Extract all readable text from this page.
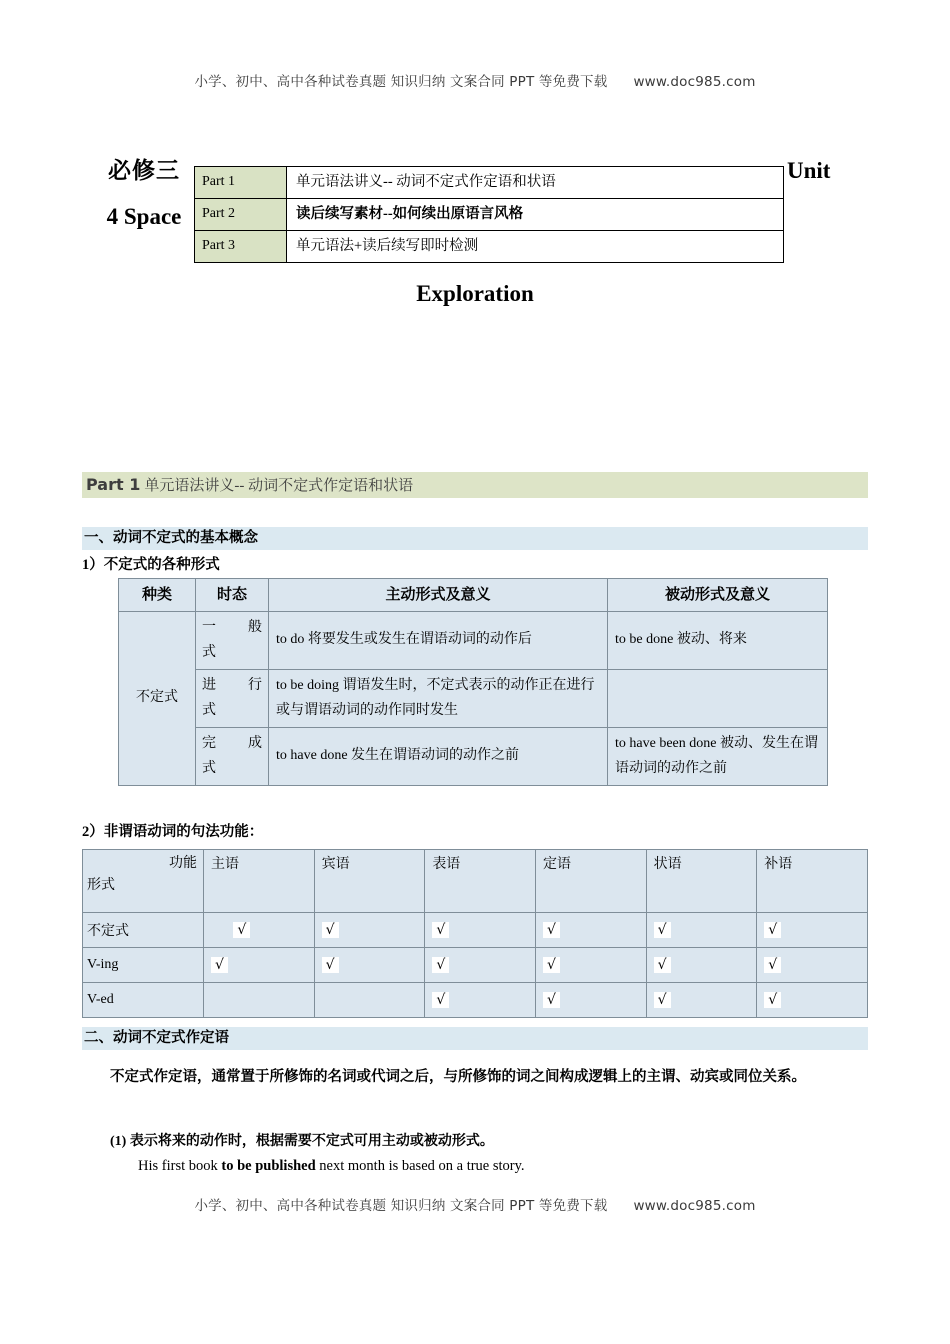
小学、初中、高中各种试卷真题 知识归纳 文案合同 PPT 等免费下载 www.doc985.com
必修三
4 Space
Part 1	单元语法讲义-- 动词不定式作定语和状语
Part 2	读后续写素材--如何续出原语言风格
Part 3	单元语法+读后续写即时检测
Unit
Exploration
Part 1 单元语法讲义-- 动词不定式作定语和状语
一、动词不定式的基本概念
1）不定式的各种形式
种类	时态	主动形式及意义	被动形式及意义
不定式	一　般
式	to do 将要发生或发生在谓语动词的动作后	to be done 被动、将来

	进　行
式	to be doing 谓语发生时，不定式表示的动作正在进行或与谓语动词的动作同时发生	

	完　成
式	to have done 发生在谓语动词的动作之前	to have been done 被动、发生在谓语动词的动作之前
2）非谓语动词的句法功能：
功能
形式	主语	宾语	表语	定语	状语	补语
不定式	√	√	√	√	√	√

V-ing	√	√	√	√	√	√

V-ed			√	√	√	√
二、动词不定式作定语
不定式作定语，通常置于所修饰的名词或代词之后，与所修饰的词之间构成逻辑上的主谓、动宾或同位关系。
(1) 表示将来的动作时，根据需要不定式可用主动或被动形式。
His first book to be published next month is based on a true story.
小学、初中、高中各种试卷真题 知识归纳 文案合同 PPT 等免费下载 www.doc985.com
